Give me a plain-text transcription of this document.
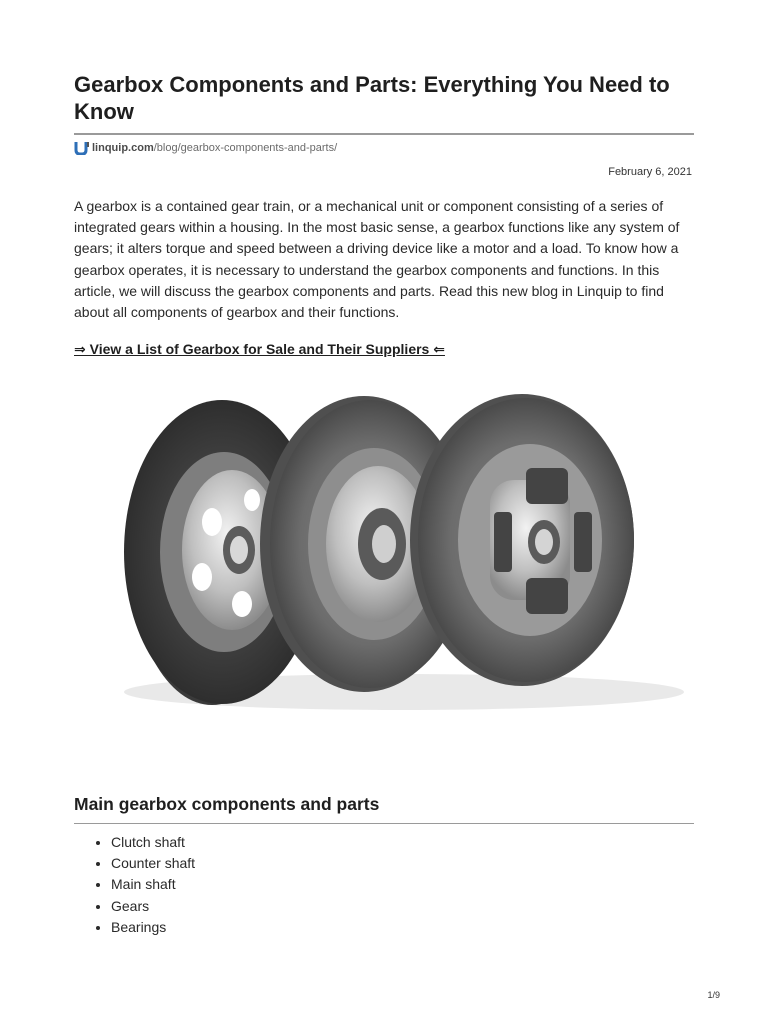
Gearbox Components and Parts: Everything You Need to Know
linquip.com /blog/gearbox-components-and-parts/
February 6, 2021

A gearbox is a contained gear train, or a mechanical unit or component consisting of a series of integrated gears within a housing. In the most basic sense, a gearbox functions like any system of gears; it alters torque and speed between a driving device like a motor and a load. To know how a gearbox operates, it is necessary to understand the gearbox components and functions. In this article, we will discuss the gearbox components and parts. Read this new blog in Linquip to find about all components of gearbox and their functions.

⇒ View a List of Gearbox for Sale and Their Suppliers ⇐
Main gearbox components and parts
• Clutch shaft
• Counter shaft
• Main shaft
• Gears
• Bearings
1/9
